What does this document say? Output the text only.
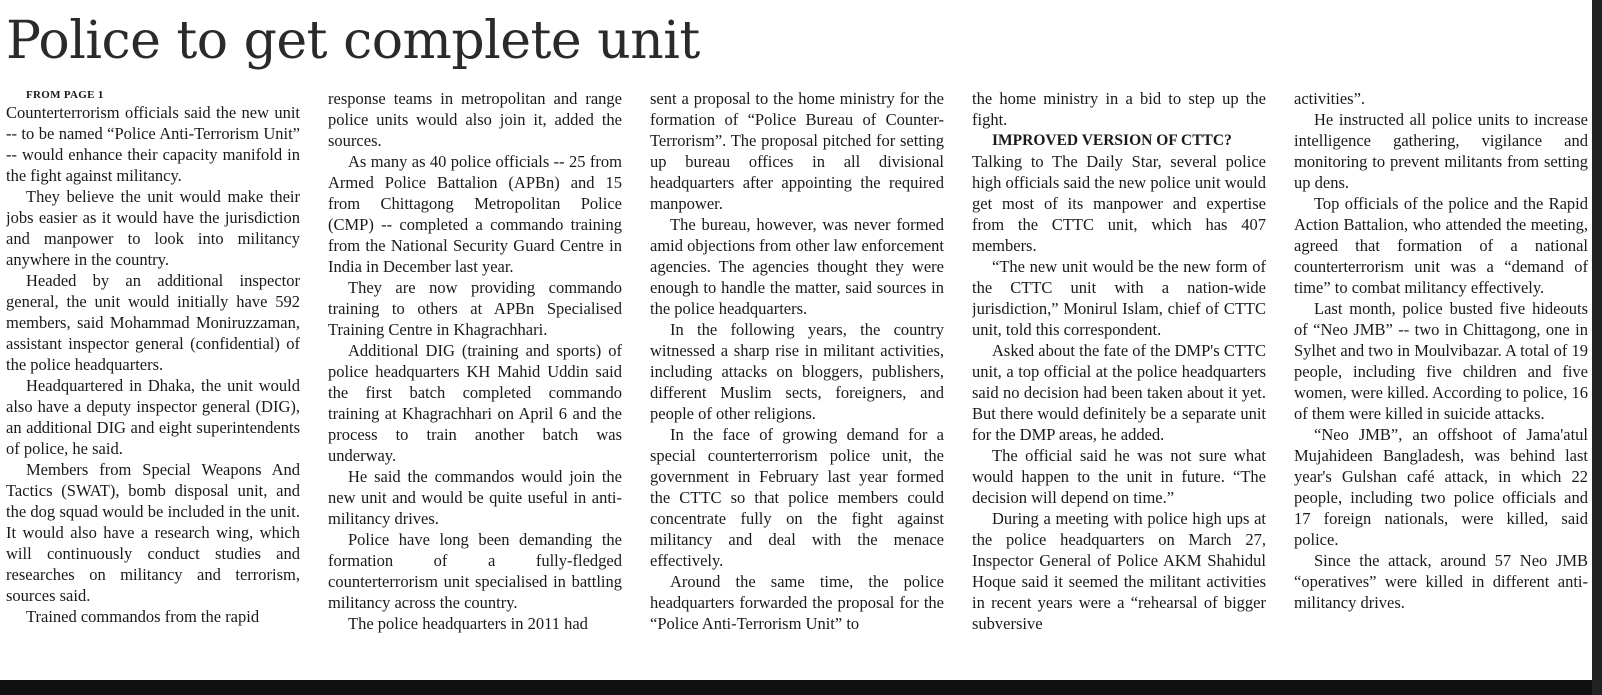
Police to get complete unit

FROM PAGE 1

Counterterrorism officials said the new unit -- to be named “Police Anti-Terrorism Unit” -- would enhance their capacity manifold in the fight against militancy.

They believe the unit would make their jobs easier as it would have the jurisdiction and manpower to look into militancy anywhere in the country.

Headed by an additional inspector general, the unit would initially have 592 members, said Mohammad Moniruzzaman, assistant inspector general (confidential) of the police headquarters.

Headquartered in Dhaka, the unit would also have a deputy inspector general (DIG), an additional DIG and eight superintendents of police, he said.

Members from Special Weapons And Tactics (SWAT), bomb disposal unit, and the dog squad would be included in the unit. It would also have a research wing, which will continuously conduct studies and researches on militancy and terrorism, sources said.

Trained commandos from the rapid

response teams in metropolitan and range police units would also join it, added the sources.

As many as 40 police officials -- 25 from Armed Police Battalion (APBn) and 15 from Chittagong Metropolitan Police (CMP) -- completed a commando training from the National Security Guard Centre in India in December last year.

They are now providing commando training to others at APBn Specialised Training Centre in Khagrachhari.

Additional DIG (training and sports) of police headquarters KH Mahid Uddin said the first batch completed commando training at Khagrachhari on April 6 and the process to train another batch was underway.

He said the commandos would join the new unit and would be quite useful in anti-militancy drives.

Police have long been demanding the formation of a fully-fledged counterterrorism unit specialised in battling militancy across the country.

The police headquarters in 2011 had

sent a proposal to the home ministry for the formation of “Police Bureau of Counter-Terrorism”. The proposal pitched for setting up bureau offices in all divisional headquarters after appointing the required manpower.

The bureau, however, was never formed amid objections from other law enforcement agencies. The agencies thought they were enough to handle the matter, said sources in the police headquarters.

In the following years, the country witnessed a sharp rise in militant activities, including attacks on bloggers, publishers, different Muslim sects, foreigners, and people of other religions.

In the face of growing demand for a special counterterrorism police unit, the government in February last year formed the CTTC so that police members could concentrate fully on the fight against militancy and deal with the menace effectively.

Around the same time, the police headquarters forwarded the proposal for the “Police Anti-Terrorism Unit” to

the home ministry in a bid to step up the fight.

IMPROVED VERSION OF CTTC?

Talking to The Daily Star, several police high officials said the new police unit would get most of its manpower and expertise from the CTTC unit, which has 407 members.

“The new unit would be the new form of the CTTC unit with a nation-wide jurisdiction,” Monirul Islam, chief of CTTC unit, told this correspondent.

Asked about the fate of the DMP's CTTC unit, a top official at the police headquarters said no decision had been taken about it yet. But there would definitely be a separate unit for the DMP areas, he added.

The official said he was not sure what would happen to the unit in future. “The decision will depend on time.”

During a meeting with police high ups at the police headquarters on March 27, Inspector General of Police AKM Shahidul Hoque said it seemed the militant activities in recent years were a “rehearsal of bigger subversive

activities”.

He instructed all police units to increase intelligence gathering, vigilance and monitoring to prevent militants from setting up dens.

Top officials of the police and the Rapid Action Battalion, who attended the meeting, agreed that formation of a national counterterrorism unit was a “demand of time” to combat militancy effectively.

Last month, police busted five hideouts of “Neo JMB” -- two in Chittagong, one in Sylhet and two in Moulvibazar. A total of 19 people, including five children and five women, were killed. According to police, 16 of them were killed in suicide attacks.

“Neo JMB”, an offshoot of Jama'atul Mujahideen Bangladesh, was behind last year's Gulshan café attack, in which 22 people, including two police officials and 17 foreign nationals, were killed, said police.

Since the attack, around 57 Neo JMB “operatives” were killed in different anti-militancy drives.
